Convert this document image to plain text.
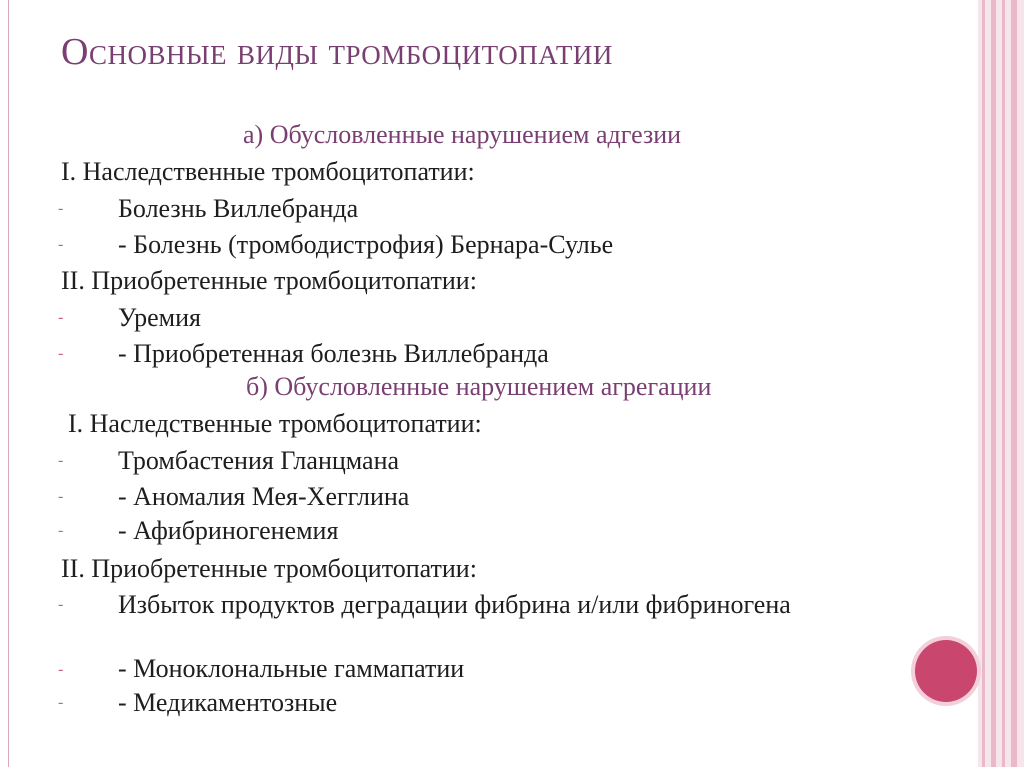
Основные виды тромбоцитопатии
а) Обусловленные нарушением адгезии
I. Наследственные тромбоцитопатии:
- Болезнь Виллебранда
- - Болезнь (тромбодистрофия) Бернара-Сулье
II. Приобретенные тромбоцитопатии:
- Уремия
- - Приобретенная болезнь Виллебранда
б) Обусловленные нарушением агрегации
I. Наследственные тромбоцитопатии:
- Тромбастения Гланцмана
- - Аномалия Мея-Хегглина
- - Афибриногенемия
II. Приобретенные тромбоцитопатии:
- Избыток продуктов деградации фибрина и/или фибриногена
- - Моноклональные гаммапатии
- - Медикаментозные
